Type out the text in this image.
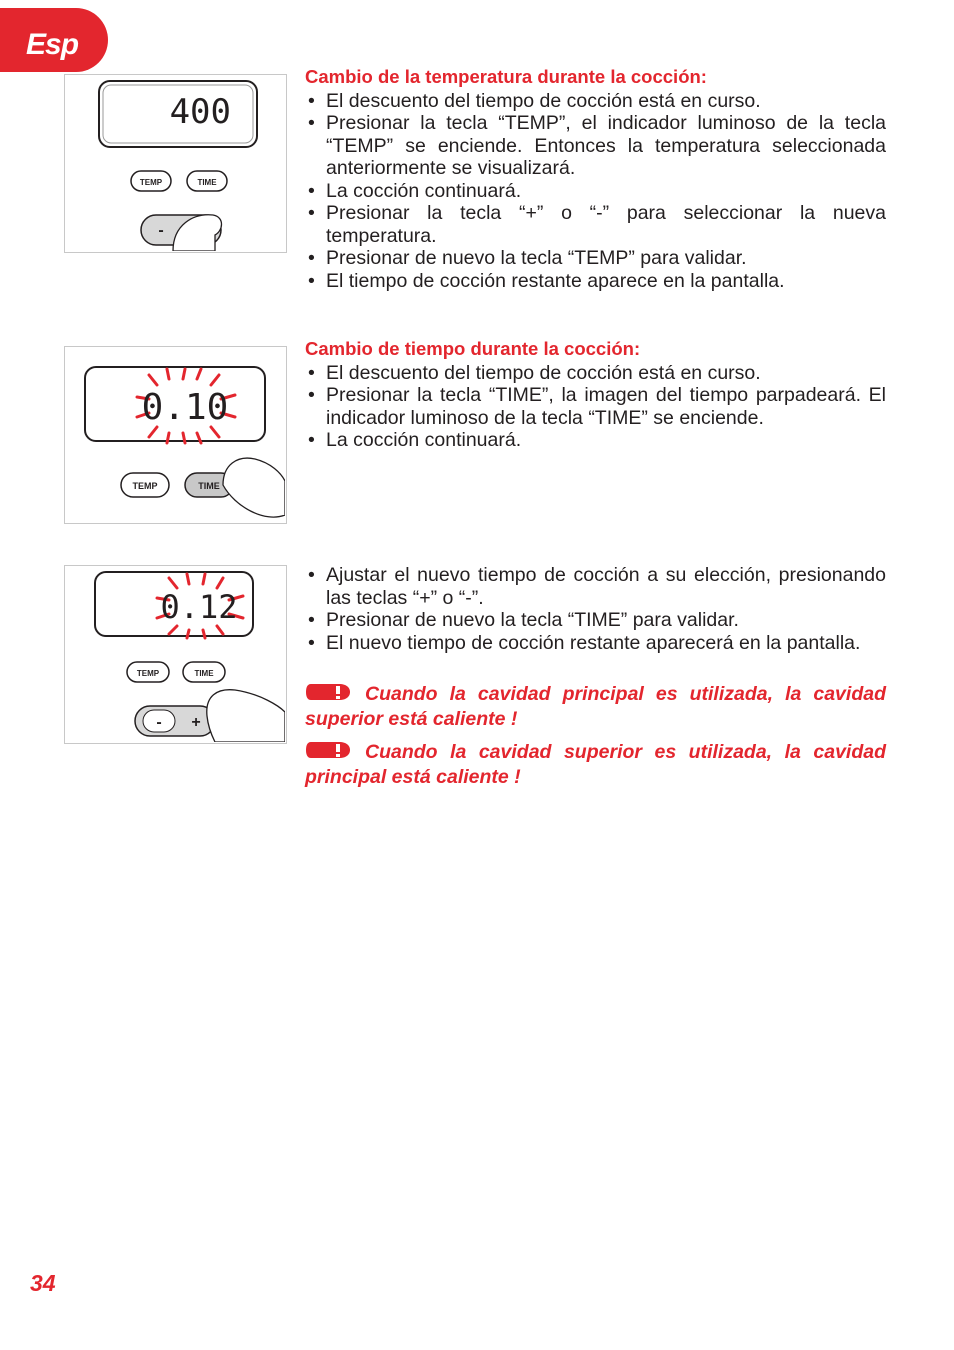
Esp
400
TEMP	TIME
-
Cambio de la temperatura durante la cocción:
• El descuento del tiempo de cocción está en curso.
• Presionar la tecla “TEMP”, el indicador luminoso de la tecla “TEMP” se enciende. Entonces la temperatura seleccionada anteriormente se visualizará.
• La cocción continuará.
• Presionar la tecla “+” o “-” para seleccionar la nueva temperatura.
• Presionar de nuevo la tecla “TEMP” para validar.
• El tiempo de cocción restante aparece en la pantalla.
0.10
TEMP	TIME
Cambio de tiempo durante la cocción:
• El descuento del tiempo de cocción está en curso.
• Presionar la tecla “TIME”, la imagen del tiempo parpadeará. El indicador luminoso de la tecla “TIME” se enciende.
• La cocción continuará.
0.12
TEMP	TIME
- +
• Ajustar el nuevo tiempo de cocción a su elección, presionando las teclas “+” o “-”.
• Presionar de nuevo la tecla “TIME” para validar.
• El nuevo tiempo de cocción restante aparecerá en la pantalla.
Cuando la cavidad principal es utilizada, la cavidad superior está caliente !
Cuando la cavidad superior es utilizada, la cavidad principal está caliente !
34
